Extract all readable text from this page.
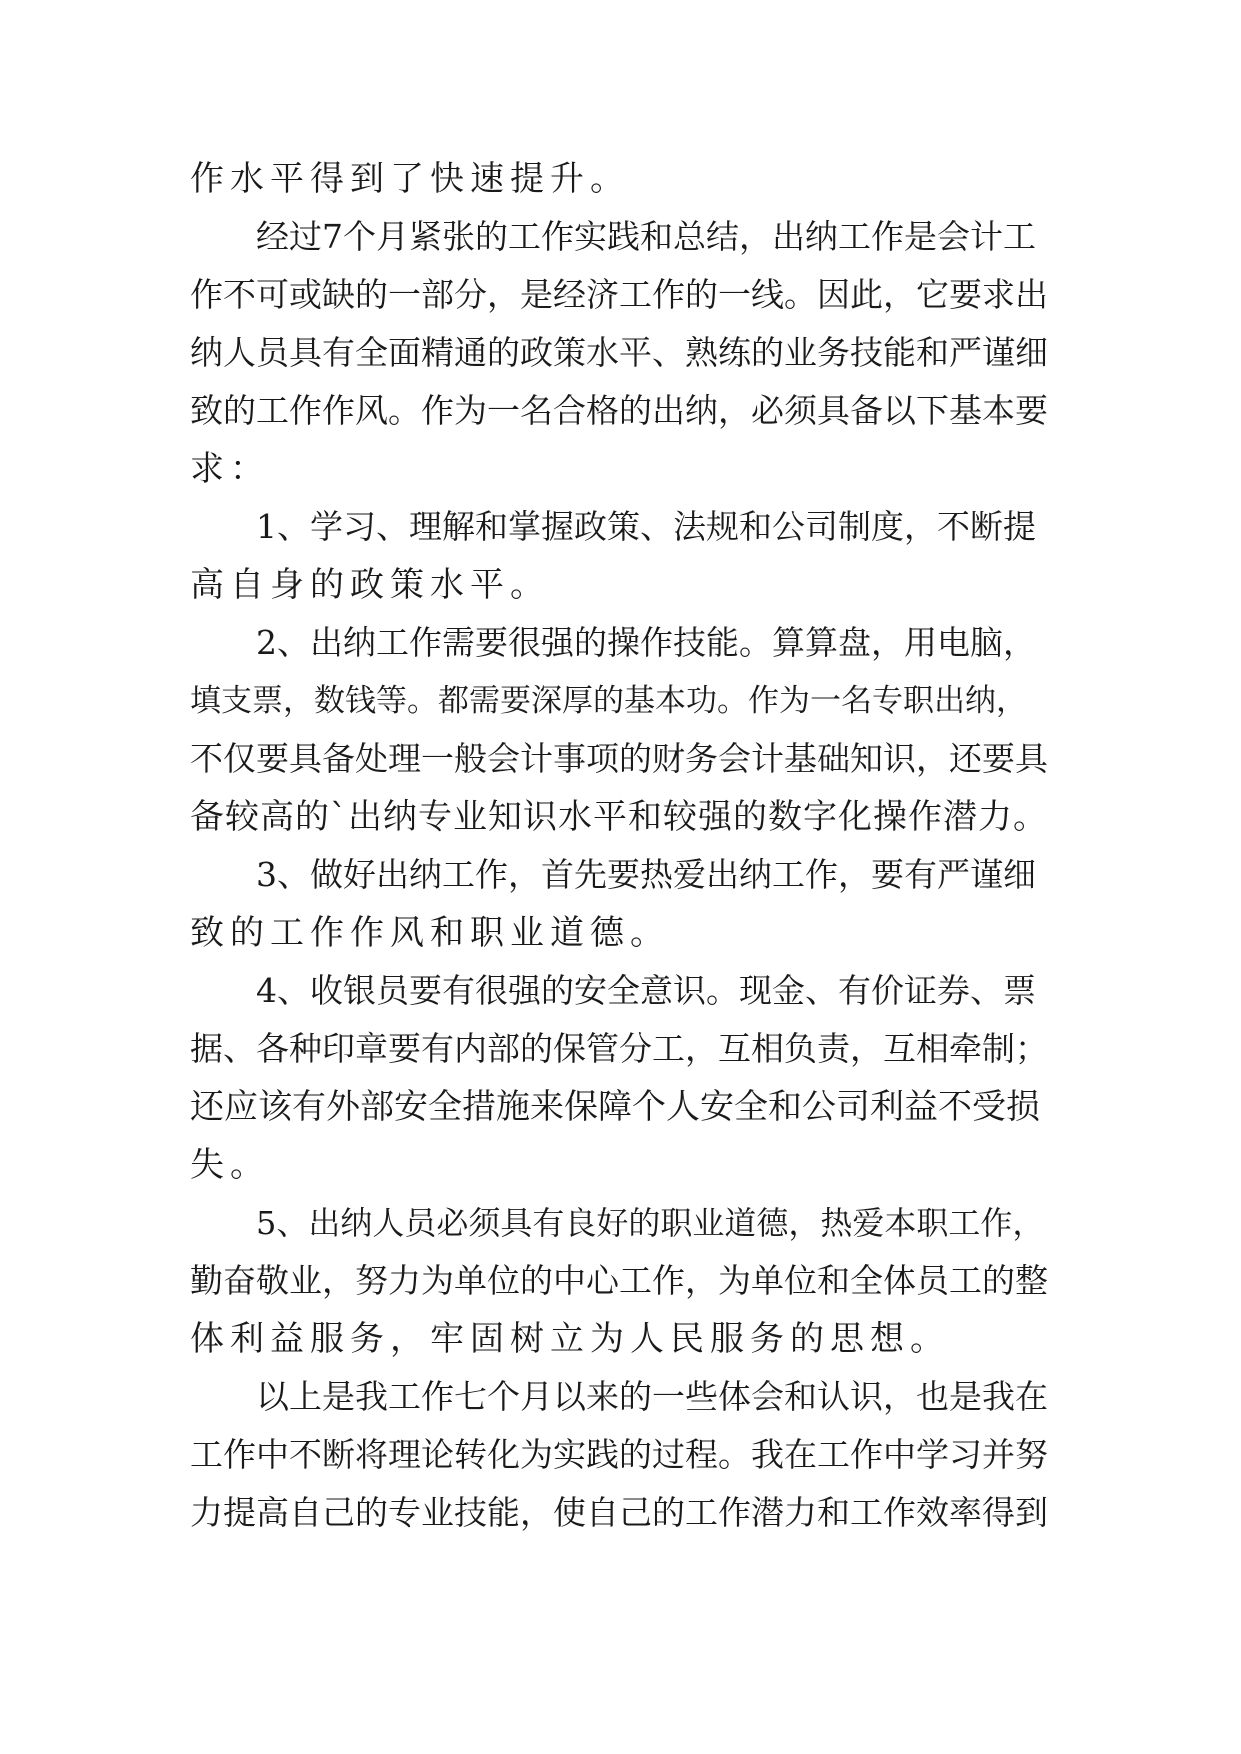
作水平得到了快速提升。
经过7个月紧张的工作实践和总结，出纳工作是会计工
作不可或缺的一部分，是经济工作的一线。因此，它要求出
纳人员具有全面精通的政策水平、熟练的业务技能和严谨细
致的工作作风。作为一名合格的出纳，必须具备以下基本要
求：
1、学习、理解和掌握政策、法规和公司制度，不断提
高自身的政策水平。
2、出纳工作需要很强的操作技能。算算盘，用电脑，
填支票，数钱等。都需要深厚的基本功。作为一名专职出纳，
不仅要具备处理一般会计事项的财务会计基础知识，还要具
备较高的`出纳专业知识水平和较强的数字化操作潜力。
3、做好出纳工作，首先要热爱出纳工作，要有严谨细
致的工作作风和职业道德。
4、收银员要有很强的安全意识。现金、有价证券、票
据、各种印章要有内部的保管分工，互相负责，互相牵制；
还应该有外部安全措施来保障个人安全和公司利益不受损
失。
5、出纳人员必须具有良好的职业道德，热爱本职工作，
勤奋敬业，努力为单位的中心工作，为单位和全体员工的整
体利益服务，牢固树立为人民服务的思想。
以上是我工作七个月以来的一些体会和认识，也是我在
工作中不断将理论转化为实践的过程。我在工作中学习并努
力提高自己的专业技能，使自己的工作潜力和工作效率得到
